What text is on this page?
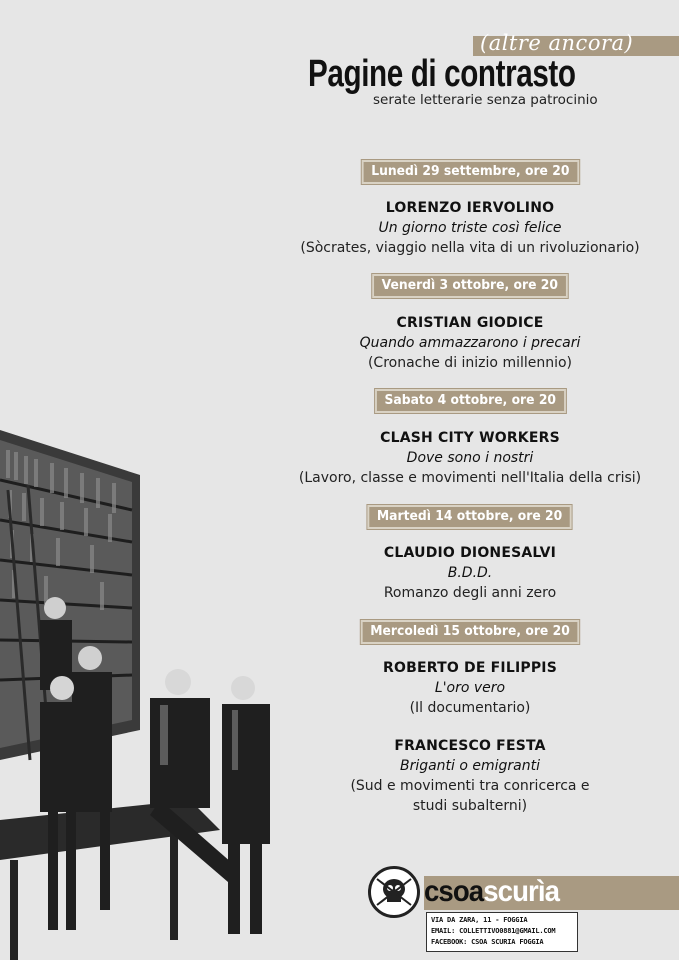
(altre ancora)
Pagine di contrasto
serate letterarie senza patrocinio
Lunedì 29 settembre, ore 20
LORENZO IERVOLINO
Un giorno triste così felice
(Sòcrates, viaggio nella vita di un rivoluzionario)
Venerdì 3 ottobre, ore 20
CRISTIAN GIODICE
Quando ammazzarono i precari
(Cronache di inizio millennio)
Sabato 4 ottobre, ore 20
CLASH CITY WORKERS
Dove sono i nostri
(Lavoro, classe e movimenti nell'Italia della crisi)
Martedì 14 ottobre, ore 20
CLAUDIO DIONESALVI
B.D.D.
Romanzo degli anni zero
Mercoledì 15 ottobre, ore 20
ROBERTO DE FILIPPIS
L'oro vero
(Il documentario)
FRANCESCO FESTA
Briganti o emigranti
(Sud e movimenti tra conricerca e
studi subalterni)
csoascurìa
VIA DA ZARA, 11 - FOGGIA
EMAIL: COLLETTIVO0881@GMAIL.COM
FACEBOOK: CSOA SCURIA FOGGIA
